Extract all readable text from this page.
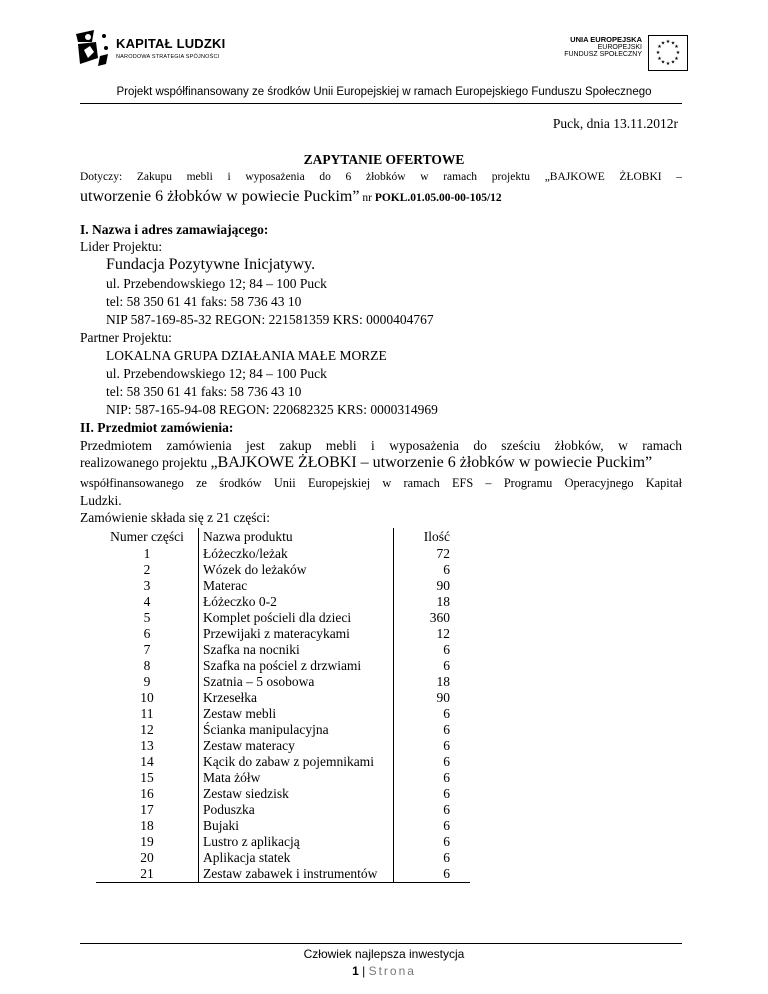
KAPITAŁ LUDZKI
NARODOWA STRATEGIA SPÓJNOŚCI
UNIA EUROPEJSKA
EUROPEJSKI
FUNDUSZ SPOŁECZNY
★ ★
★
★
★
★
★
★
★
★
★
★
Projekt współfinansowany ze środków Unii Europejskiej w ramach Europejskiego Funduszu Społecznego
Puck, dnia 13.11.2012r
ZAPYTANIE OFERTOWE
Dotyczy: Zakupu mebli i wyposażenia do 6 żłobków w ramach projektu „BAJKOWE ŻŁOBKI –
utworzenie 6 żłobków w powiecie Puckim” nr POKL.01.05.00-00-105/12
I. Nazwa i adres zamawiającego:
Lider Projektu:
Fundacja Pozytywne Inicjatywy.
ul. Przebendowskiego 12; 84 – 100 Puck
tel: 58 350 61 41 faks: 58 736 43 10
NIP 587-169-85-32 REGON: 221581359 KRS: 0000404767
Partner Projektu:
LOKALNA GRUPA DZIAŁANIA MAŁE MORZE
ul. Przebendowskiego 12; 84 – 100 Puck
tel: 58 350 61 41 faks: 58 736 43 10
NIP: 587-165-94-08 REGON: 220682325 KRS: 0000314969
II. Przedmiot zamówienia:
Przedmiotem zamówienia jest zakup mebli i wyposażenia do sześciu żłobków, w ramach
realizowanego projektu „BAJKOWE ŻŁOBKI – utworzenie 6 żłobków w powiecie Puckim”
współfinansowanego ze środków Unii Europejskiej w ramach EFS – Programu Operacyjnego Kapitał
Ludzki.
Zamówienie składa się z 21 części:
Numer części	Nazwa produktu	Ilość
1	Łóżeczko/leżak	72
2	Wózek do leżaków	6
3	Materac	90
4	Łóżeczko 0-2	18
5	Komplet pościeli dla dzieci	360
6	Przewijaki z materacykami	12
7	Szafka na nocniki	6
8	Szafka na pościel z drzwiami	6
9	Szatnia – 5 osobowa	18
10	Krzesełka	90
11	Zestaw mebli	6
12	Ścianka manipulacyjna	6
13	Zestaw materacy	6
14	Kącik do zabaw z pojemnikami	6
15	Mata żółw	6
16	Zestaw siedzisk	6
17	Poduszka	6
18	Bujaki	6
19	Lustro z aplikacją	6
20	Aplikacja statek	6
21	Zestaw zabawek i instrumentów	6
Człowiek najlepsza inwestycja
1 | Strona
